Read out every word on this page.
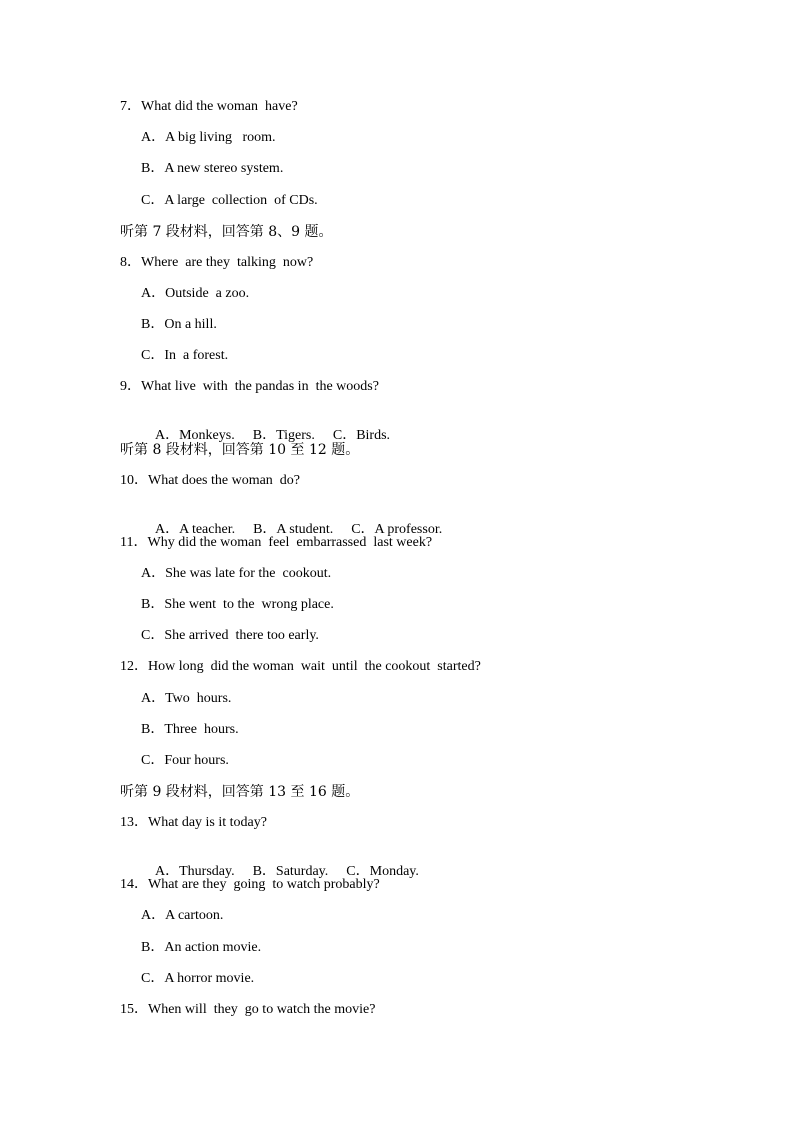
7．What did the woman  have?
A．A big living   room.
B．A new stereo system.
C．A large  collection  of CDs.
听第 7 段材料，回答第 8、9 题。
8．Where  are they  talking  now?
A．Outside  a zoo.
B．On a hill.
C．In  a forest.
9．What live  with  the pandas in  the woods?

A．Monkeys. B．Tigers. C．Birds.

听第 8 段材料，回答第 10 至 12 题。
10．What does the woman  do?

A．A teacher. B．A student. C．A professor.

11．Why did the woman  feel  embarrassed  last week?
A．She was late for the  cookout.
B．She went  to the  wrong place.
C．She arrived  there too early.
12．How long  did the woman  wait  until  the cookout  started?
A．Two  hours.
B．Three  hours.
C．Four hours.
听第 9 段材料，回答第 13 至 16 题。
13．What day is it today?

A．Thursday. B．Saturday. C．Monday.

14．What are they  going  to watch probably?
A．A cartoon.
B．An action movie.
C．A horror movie.
15．When will  they  go to watch the movie?
